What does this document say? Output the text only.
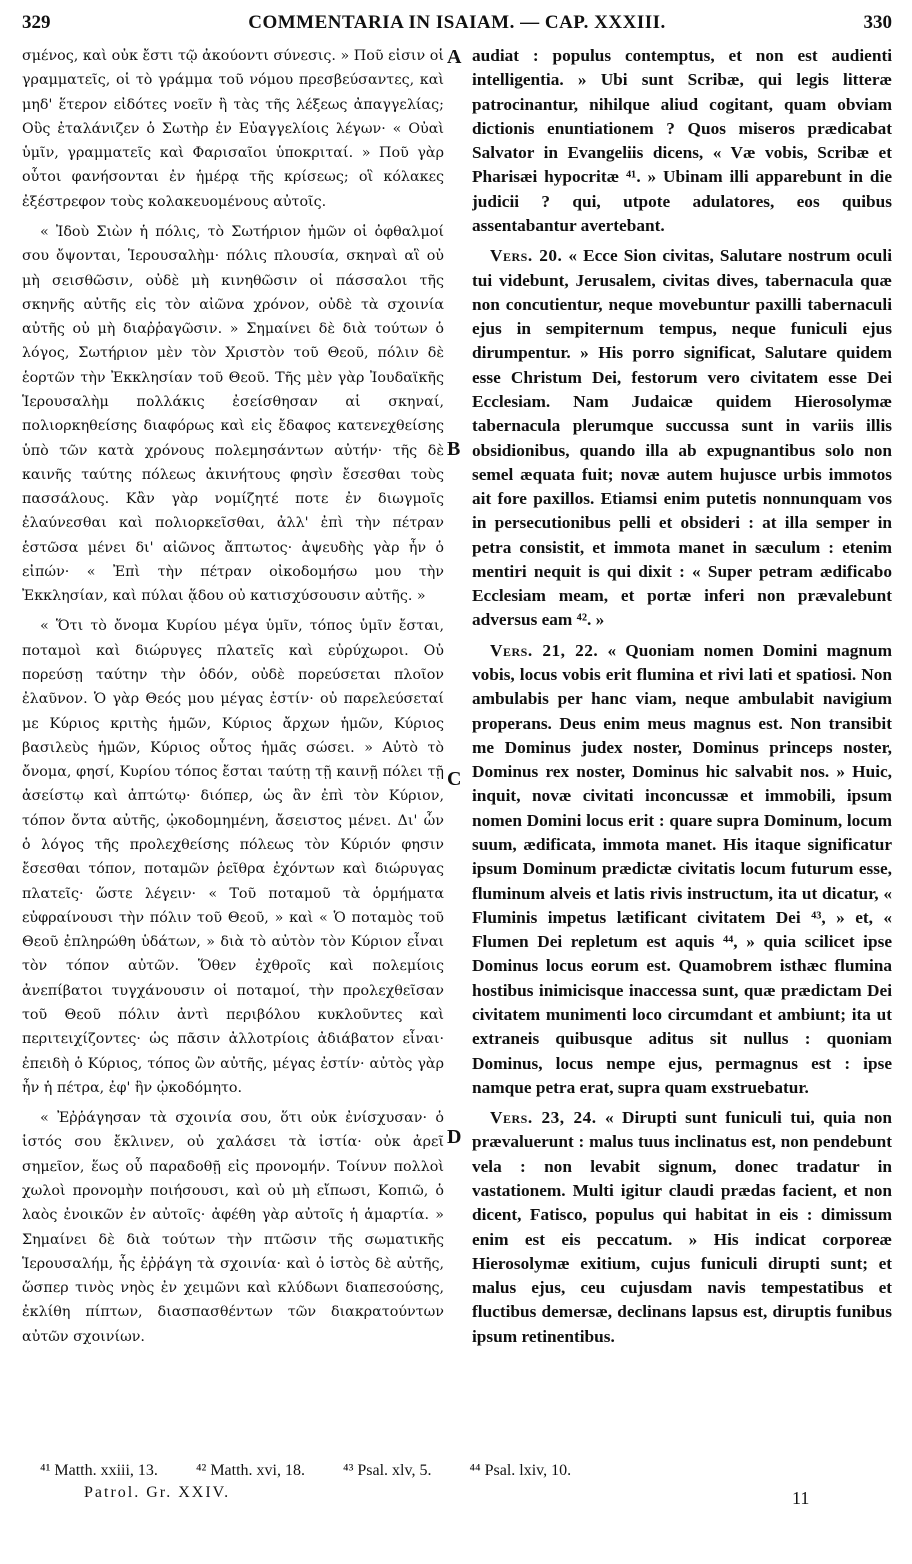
329	COMMENTARIA IN ISAIAM. — CAP. XXXIII.	330

σμένος, καὶ οὐκ ἔστι τῷ ἀκούοντι σύνεσις. » Ποῦ εἰσιν οἱ γραμματεῖς, οἱ τὸ γράμμα τοῦ νόμου πρεσβεύσαντες, καὶ μηδ' ἕτερον εἰδότες νοεῖν ἢ τὰς τῆς λέξεως ἀπαγγελίας; Οὓς ἐταλάνιζεν ὁ Σωτὴρ ἐν Εὐαγγελίοις λέγων· « Οὐαὶ ὑμῖν, γραμματεῖς καὶ Φαρισαῖοι ὑποκριταί. » Ποῦ γὰρ οὗτοι φανήσονται ἐν ἡμέρᾳ τῆς κρίσεως; οἳ κόλακες ἐξέστρεφον τοὺς κολακευομένους αὐτοῖς.

« Ἰδοὺ Σιὼν ἡ πόλις, τὸ Σωτήριον ἡμῶν οἱ ὀφθαλμοί σου ὄψονται, Ἱερουσαλὴμ· πόλις πλουσία, σκηναὶ αἳ οὐ μὴ σεισθῶσιν, οὐδὲ μὴ κινηθῶσιν οἱ πάσσαλοι τῆς σκηνῆς αὐτῆς εἰς τὸν αἰῶνα χρόνον, οὐδὲ τὰ σχοινία αὐτῆς οὐ μὴ διαῤῥαγῶσιν. » Σημαίνει δὲ διὰ τούτων ὁ λόγος, Σωτήριον μὲν τὸν Χριστὸν τοῦ Θεοῦ, πόλιν δὲ ἑορτῶν τὴν Ἐκκλησίαν τοῦ Θεοῦ. Τῆς μὲν γὰρ Ἰουδαϊκῆς Ἱερουσαλὴμ πολλάκις ἐσείσθησαν αἱ σκηναί, πολιορκηθείσης διαφόρως καὶ εἰς ἔδαφος κατενεχθείσης ὑπὸ τῶν κατὰ χρόνους πολεμησάντων αὐτήν· τῆς δὲ καινῆς ταύτης πόλεως ἀκινήτους φησὶν ἔσεσθαι τοὺς πασσάλους. Κἂν γὰρ νομίζητέ ποτε ἐν διωγμοῖς ἐλαύνεσθαι καὶ πολιορκεῖσθαι, ἀλλ' ἐπὶ τὴν πέτραν ἑστῶσα μένει δι' αἰῶνος ἄπτωτος· ἀψευδὴς γὰρ ἦν ὁ εἰπών· « Ἐπὶ τὴν πέτραν οἰκοδομήσω μου τὴν Ἐκκλησίαν, καὶ πύλαι ᾅδου οὐ κατισχύσουσιν αὐτῆς. »

« Ὅτι τὸ ὄνομα Κυρίου μέγα ὑμῖν, τόπος ὑμῖν ἔσται, ποταμοὶ καὶ διώρυγες πλατεῖς καὶ εὐρύχωροι. Οὐ πορεύσῃ ταύτην τὴν ὁδόν, οὐδὲ πορεύσεται πλοῖον ἐλαῦνον. Ὁ γὰρ Θεός μου μέγας ἐστίν· οὐ παρελεύσεταί με Κύριος κριτὴς ἡμῶν, Κύριος ἄρχων ἡμῶν, Κύριος βασιλεὺς ἡμῶν, Κύριος οὗτος ἡμᾶς σώσει. » Αὐτὸ τὸ ὄνομα, φησί, Κυρίου τόπος ἔσται ταύτῃ τῇ καινῇ πόλει τῇ ἀσείστῳ καὶ ἀπτώτῳ· διόπερ, ὡς ἂν ἐπὶ τὸν Κύριον, τόπον ὄντα αὐτῆς, ᾠκοδομημένη, ἄσειστος μένει. Δι' ὧν ὁ λόγος τῆς προλεχθείσης πόλεως τὸν Κύριόν φησιν ἔσεσθαι τόπον, ποταμῶν ῥεῖθρα ἐχόντων καὶ διώρυγας πλατεῖς· ὥστε λέγειν· « Τοῦ ποταμοῦ τὰ ὁρμήματα εὐφραίνουσι τὴν πόλιν τοῦ Θεοῦ, » καὶ « Ὁ ποταμὸς τοῦ Θεοῦ ἐπληρώθη ὑδάτων, » διὰ τὸ αὐτὸν τὸν Κύριον εἶναι τὸν τόπον αὐτῶν. Ὅθεν ἐχθροῖς καὶ πολεμίοις ἀνεπίβατοι τυγχάνουσιν οἱ ποταμοί, τὴν προλεχθεῖσαν τοῦ Θεοῦ πόλιν ἀντὶ περιβόλου κυκλοῦντες καὶ περιτειχίζοντες· ὡς πᾶσιν ἀλλοτρίοις ἀδιάβατον εἶναι· ἐπειδὴ ὁ Κύριος, τόπος ὢν αὐτῆς, μέγας ἐστίν· αὐτὸς γὰρ ἦν ἡ πέτρα, ἐφ' ἣν ᾠκοδόμητο.

« Ἐῤῥάγησαν τὰ σχοινία σου, ὅτι οὐκ ἐνίσχυσαν· ὁ ἱστός σου ἔκλινεν, οὐ χαλάσει τὰ ἱστία· οὐκ ἀρεῖ σημεῖον, ἕως οὗ παραδοθῇ εἰς προνομήν. Τοίνυν πολλοὶ χωλοὶ προνομὴν ποιήσουσι, καὶ οὐ μὴ εἴπωσι, Κοπιῶ, ὁ λαὸς ἐνοικῶν ἐν αὐτοῖς· ἀφέθη γὰρ αὐτοῖς ἡ ἁμαρτία. » Σημαίνει δὲ διὰ τούτων τὴν πτῶσιν τῆς σωματικῆς Ἱερουσαλήμ, ἧς ἐῤῥάγη τὰ σχοινία· καὶ ὁ ἱστὸς δὲ αὐτῆς, ὥσπερ τινὸς νηὸς ἐν χειμῶνι καὶ κλύδωνι διαπεσούσης, ἐκλίθη πίπτων, διασπασθέντων τῶν διακρατούντων αὐτῶν σχοινίων.

A
B
C
D

audiat : populus contemptus, et non est audienti intelligentia. » Ubi sunt Scribæ, qui legis litteræ patrocinantur, nihilque aliud cogitant, quam obviam dictionis enuntiationem ? Quos miseros prædicabat Salvator in Evangeliis dicens, « Væ vobis, Scribæ et Pharisæi hypocritæ ⁴¹. » Ubinam illi apparebunt in die judicii ? qui, utpote adulatores, eos quibus assentabantur avertebant.

Vers. 20. « Ecce Sion civitas, Salutare nostrum oculi tui videbunt, Jerusalem, civitas dives, tabernacula quæ non concutientur, neque movebuntur paxilli tabernaculi ejus in sempiternum tempus, neque funiculi ejus dirumpentur. » His porro significat, Salutare quidem esse Christum Dei, festorum vero civitatem esse Dei Ecclesiam. Nam Judaicæ quidem Hierosolymæ tabernacula plerumque succussa sunt in variis illis obsidionibus, quando illa ab expugnantibus solo non semel æquata fuit; novæ autem hujusce urbis immotos ait fore paxillos. Etiamsi enim putetis nonnunquam vos in persecutionibus pelli et obsideri : at illa semper in petra consistit, et immota manet in sæculum : etenim mentiri nequit is qui dixit : « Super petram ædificabo Ecclesiam meam, et portæ inferi non prævalebunt adversus eam ⁴². »

Vers. 21, 22. « Quoniam nomen Domini magnum vobis, locus vobis erit flumina et rivi lati et spatiosi. Non ambulabis per hanc viam, neque ambulabit navigium properans. Deus enim meus magnus est. Non transibit me Dominus judex noster, Dominus princeps noster, Dominus rex noster, Dominus hic salvabit nos. » Huic, inquit, novæ civitati inconcussæ et immobili, ipsum nomen Domini locus erit : quare supra Dominum, locum suum, ædificata, immota manet. His itaque significatur ipsum Dominum prædictæ civitatis locum futurum esse, fluminum alveis et latis rivis instructum, ita ut dicatur, « Fluminis impetus lætificant civitatem Dei ⁴³, » et, « Flumen Dei repletum est aquis ⁴⁴, » quia scilicet ipse Dominus locus eorum est. Quamobrem isthæc flumina hostibus inimicisque inaccessa sunt, quæ prædictam Dei civitatem munimenti loco circumdant et ambiunt; ita ut extraneis quibusque aditus sit nullus : quoniam Dominus, locus nempe ejus, permagnus est : ipse namque petra erat, supra quam exstruebatur.

Vers. 23, 24. « Dirupti sunt funiculi tui, quia non prævaluerunt : malus tuus inclinatus est, non pendebunt vela : non levabit signum, donec tradatur in vastationem. Multi igitur claudi prædas facient, et non dicent, Fatisco, populus qui habitat in eis : dimissum enim est eis peccatum. » His indicat corporeæ Hierosolymæ exitium, cujus funiculi dirupti sunt; et malus ejus, ceu cujusdam navis tempestatibus et fluctibus demersæ, declinans lapsus est, diruptis funibus ipsum retinentibus.

⁴¹ Matth. xxiii, 13. ⁴² Matth. xvi, 18. ⁴³ Psal. xlv, 5. ⁴⁴ Psal. lxiv, 10.
Patrol. Gr. XXIV.	11
